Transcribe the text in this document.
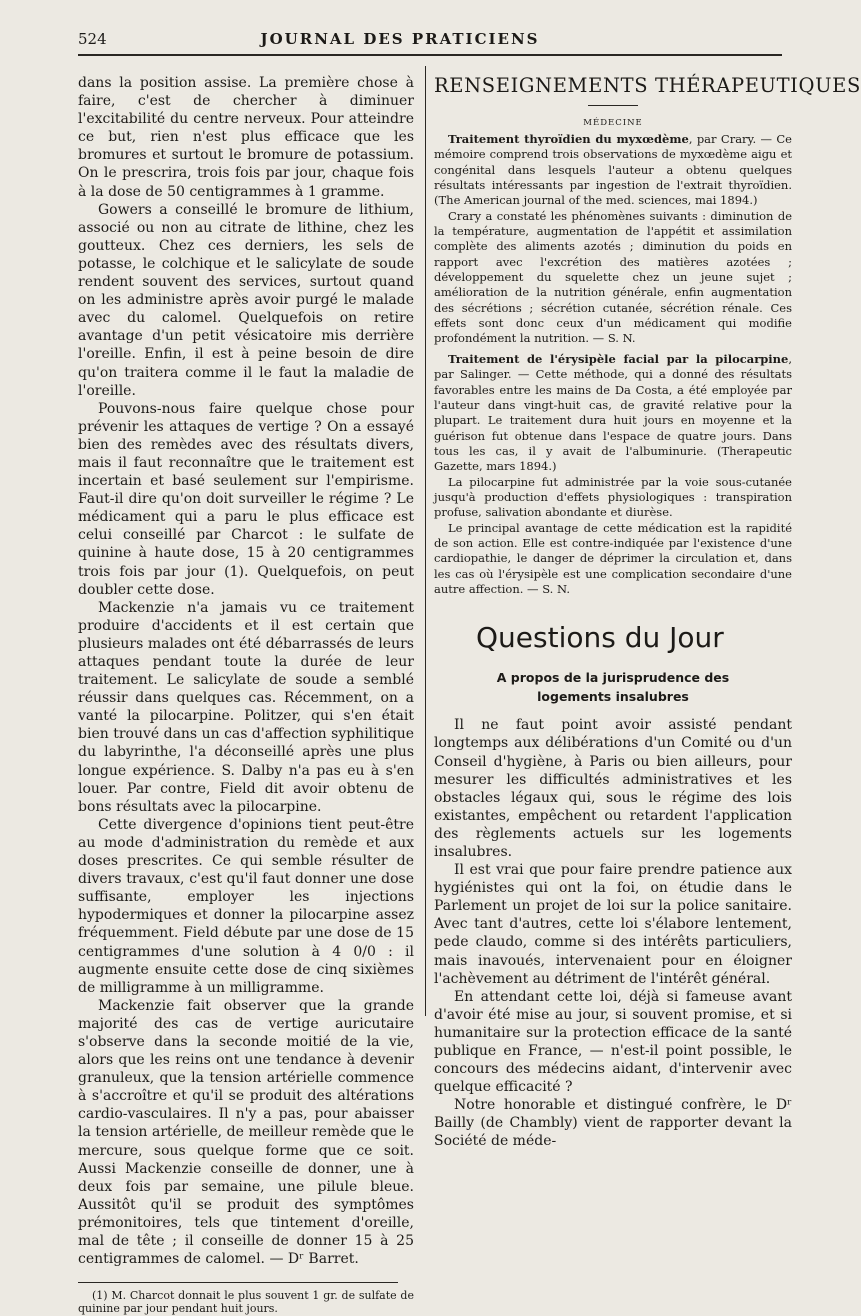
524	JOURNAL DES PRATICIENS

dans la position assise. La première chose à faire, c'est de chercher à diminuer l'excitabilité du centre nerveux. Pour atteindre ce but, rien n'est plus efficace que les bromures et surtout le bromure de potassium. On le prescrira, trois fois par jour, chaque fois à la dose de 50 centigrammes à 1 gramme.

Gowers a conseillé le bromure de lithium, associé ou non au citrate de lithine, chez les goutteux. Chez ces derniers, les sels de potasse, le colchique et le salicylate de soude rendent souvent des services, surtout quand on les administre après avoir purgé le malade avec du calomel. Quelquefois on retire avantage d'un petit vésicatoire mis derrière l'oreille. Enfin, il est à peine besoin de dire qu'on traitera comme il le faut la maladie de l'oreille.

Pouvons-nous faire quelque chose pour prévenir les attaques de vertige ? On a essayé bien des remèdes avec des résultats divers, mais il faut reconnaître que le traitement est incertain et basé seulement sur l'empirisme. Faut-il dire qu'on doit surveiller le régime ? Le médicament qui a paru le plus efficace est celui conseillé par Charcot : le sulfate de quinine à haute dose, 15 à 20 centigrammes trois fois par jour (1). Quelquefois, on peut doubler cette dose.

Mackenzie n'a jamais vu ce traitement produire d'accidents et il est certain que plusieurs malades ont été débarrassés de leurs attaques pendant toute la durée de leur traitement. Le salicylate de soude a semblé réussir dans quelques cas. Récemment, on a vanté la pilocarpine. Politzer, qui s'en était bien trouvé dans un cas d'affection syphilitique du labyrinthe, l'a déconseillé après une plus longue expérience. S. Dalby n'a pas eu à s'en louer. Par contre, Field dit avoir obtenu de bons résultats avec la pilocarpine.

Cette divergence d'opinions tient peut-être au mode d'administration du remède et aux doses prescrites. Ce qui semble résulter de divers travaux, c'est qu'il faut donner une dose suffisante, employer les injections hypodermiques et donner la pilocarpine assez fréquemment. Field débute par une dose de 15 centigrammes d'une solution à 4 0/0 : il augmente ensuite cette dose de cinq sixièmes de milligramme à un milligramme.

Mackenzie fait observer que la grande majorité des cas de vertige auricutaire s'observe dans la seconde moitié de la vie, alors que les reins ont une tendance à devenir granuleux, que la tension artérielle commence à s'accroître et qu'il se produit des altérations cardio-vasculaires. Il n'y a pas, pour abaisser la tension artérielle, de meilleur remède que le mercure, sous quelque forme que ce soit. Aussi Mackenzie conseille de donner, une à deux fois par semaine, une pilule bleue. Aussitôt qu'il se produit des symptômes prémonitoires, tels que tintement d'oreille, mal de tête ; il conseille de donner 15 à 25 centigrammes de calomel. — Dʳ Barret.

(1) M. Charcot donnait le plus souvent 1 gr. de sulfate de quinine par jour pendant huit jours.

RENSEIGNEMENTS THÉRAPEUTIQUES
MÉDECINE

Traitement thyroïdien du myxœdème, par Crary. — Ce mémoire comprend trois observations de myxœdème aigu et congénital dans lesquels l'auteur a obtenu quelques résultats intéressants par ingestion de l'extrait thyroïdien. (The American journal of the med. sciences, mai 1894.)

Crary a constaté les phénomènes suivants : diminution de la température, augmentation de l'appétit et assimilation complète des aliments azotés ; diminution du poids en rapport avec l'excrétion des matières azotées ; développement du squelette chez un jeune sujet ; amélioration de la nutrition générale, enfin augmentation des sécrétions ; sécrétion cutanée, sécrétion rénale. Ces effets sont donc ceux d'un médicament qui modifie profondément la nutrition. — S. N.

Traitement de l'érysipèle facial par la pilocarpine, par Salinger. — Cette méthode, qui a donné des résultats favorables entre les mains de Da Costa, a été employée par l'auteur dans vingt-huit cas, de gravité relative pour la plupart. Le traitement dura huit jours en moyenne et la guérison fut obtenue dans l'espace de quatre jours. Dans tous les cas, il y avait de l'albuminurie. (Therapeutic Gazette, mars 1894.)

La pilocarpine fut administrée par la voie sous-cutanée jusqu'à production d'effets physiologiques : transpiration profuse, salivation abondante et diurèse.

Le principal avantage de cette médication est la rapidité de son action. Elle est contre-indiquée par l'existence d'une cardiopathie, le danger de déprimer la circulation et, dans les cas où l'érysipèle est une complication secondaire d'une autre affection. — S. N.

Questions du Jour
A propos de la jurisprudence des logements insalubres

Il ne faut point avoir assisté pendant longtemps aux délibérations d'un Comité ou d'un Conseil d'hygiène, à Paris ou bien ailleurs, pour mesurer les difficultés administratives et les obstacles légaux qui, sous le régime des lois existantes, empêchent ou retardent l'application des règlements actuels sur les logements insalubres.

Il est vrai que pour faire prendre patience aux hygiénistes qui ont la foi, on étudie dans le Parlement un projet de loi sur la police sanitaire. Avec tant d'autres, cette loi s'élabore lentement, pede claudo, comme si des intérêts particuliers, mais inavoués, intervenaient pour en éloigner l'achèvement au détriment de l'intérêt général.

En attendant cette loi, déjà si fameuse avant d'avoir été mise au jour, si souvent promise, et si humanitaire sur la protection efficace de la santé publique en France, — n'est-il point possible, le concours des médecins aidant, d'intervenir avec quelque efficacité ?

Notre honorable et distingué confrère, le Dʳ Bailly (de Chambly) vient de rapporter devant la Société de méde-
